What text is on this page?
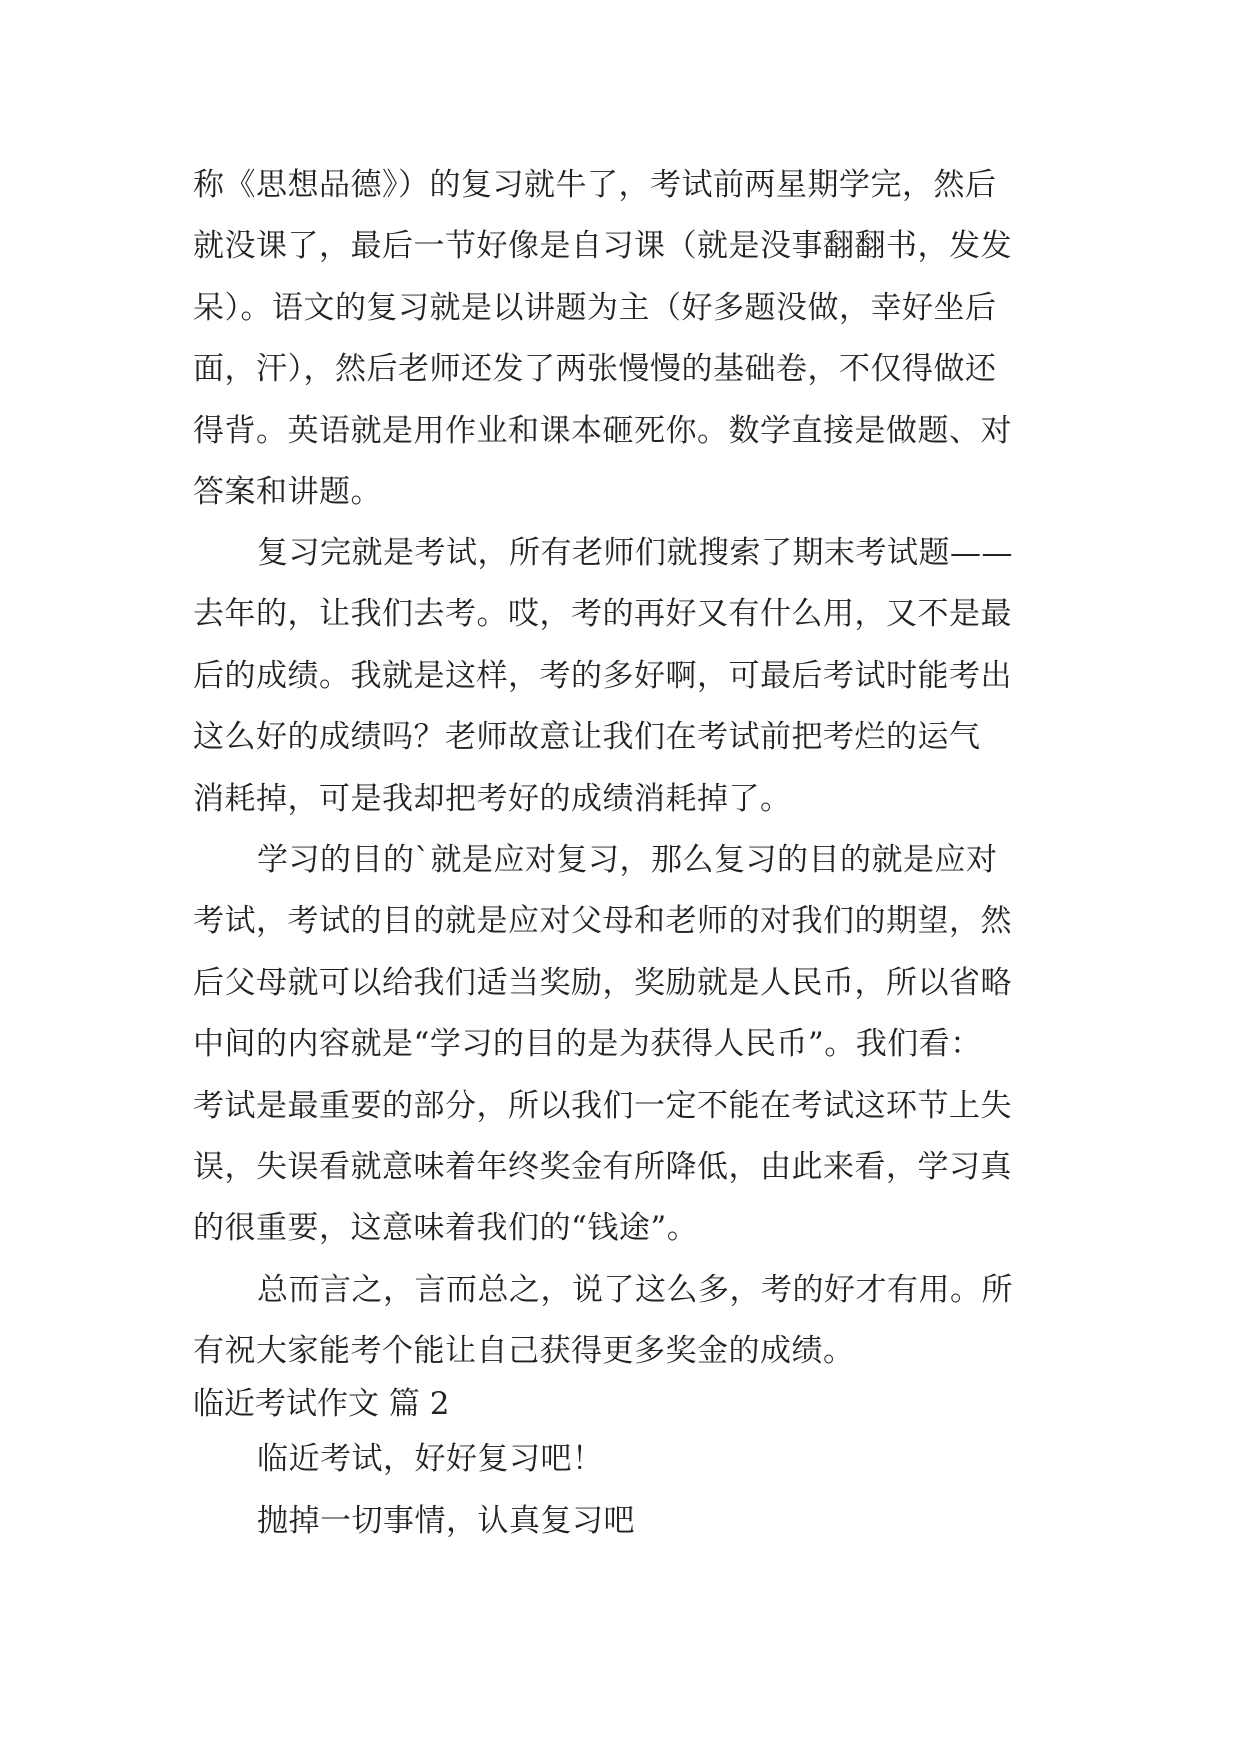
称《思想品德》）的复习就牛了，考试前两星期学完，然后
就没课了，最后一节好像是自习课（就是没事翻翻书，发发
呆）。语文的复习就是以讲题为主（好多题没做，幸好坐后
面，汗），然后老师还发了两张慢慢的基础卷，不仅得做还
得背。英语就是用作业和课本砸死你。数学直接是做题、对
答案和讲题。
复习完就是考试，所有老师们就搜索了期末考试题——
去年的，让我们去考。哎，考的再好又有什么用，又不是最
后的成绩。我就是这样，考的多好啊，可最后考试时能考出
这么好的成绩吗？老师故意让我们在考试前把考烂的运气
消耗掉，可是我却把考好的成绩消耗掉了。
学习的目的`就是应对复习，那么复习的目的就是应对
考试，考试的目的就是应对父母和老师的对我们的期望，然
后父母就可以给我们适当奖励，奖励就是人民币，所以省略
中间的内容就是“学习的目的是为获得人民币”。我们看：
考试是最重要的部分，所以我们一定不能在考试这环节上失
误，失误看就意味着年终奖金有所降低，由此来看，学习真
的很重要，这意味着我们的“钱途”。
总而言之，言而总之，说了这么多，考的好才有用。所
有祝大家能考个能让自己获得更多奖金的成绩。
临近考试作文 篇 2
临近考试，好好复习吧！
抛掉一切事情，认真复习吧
